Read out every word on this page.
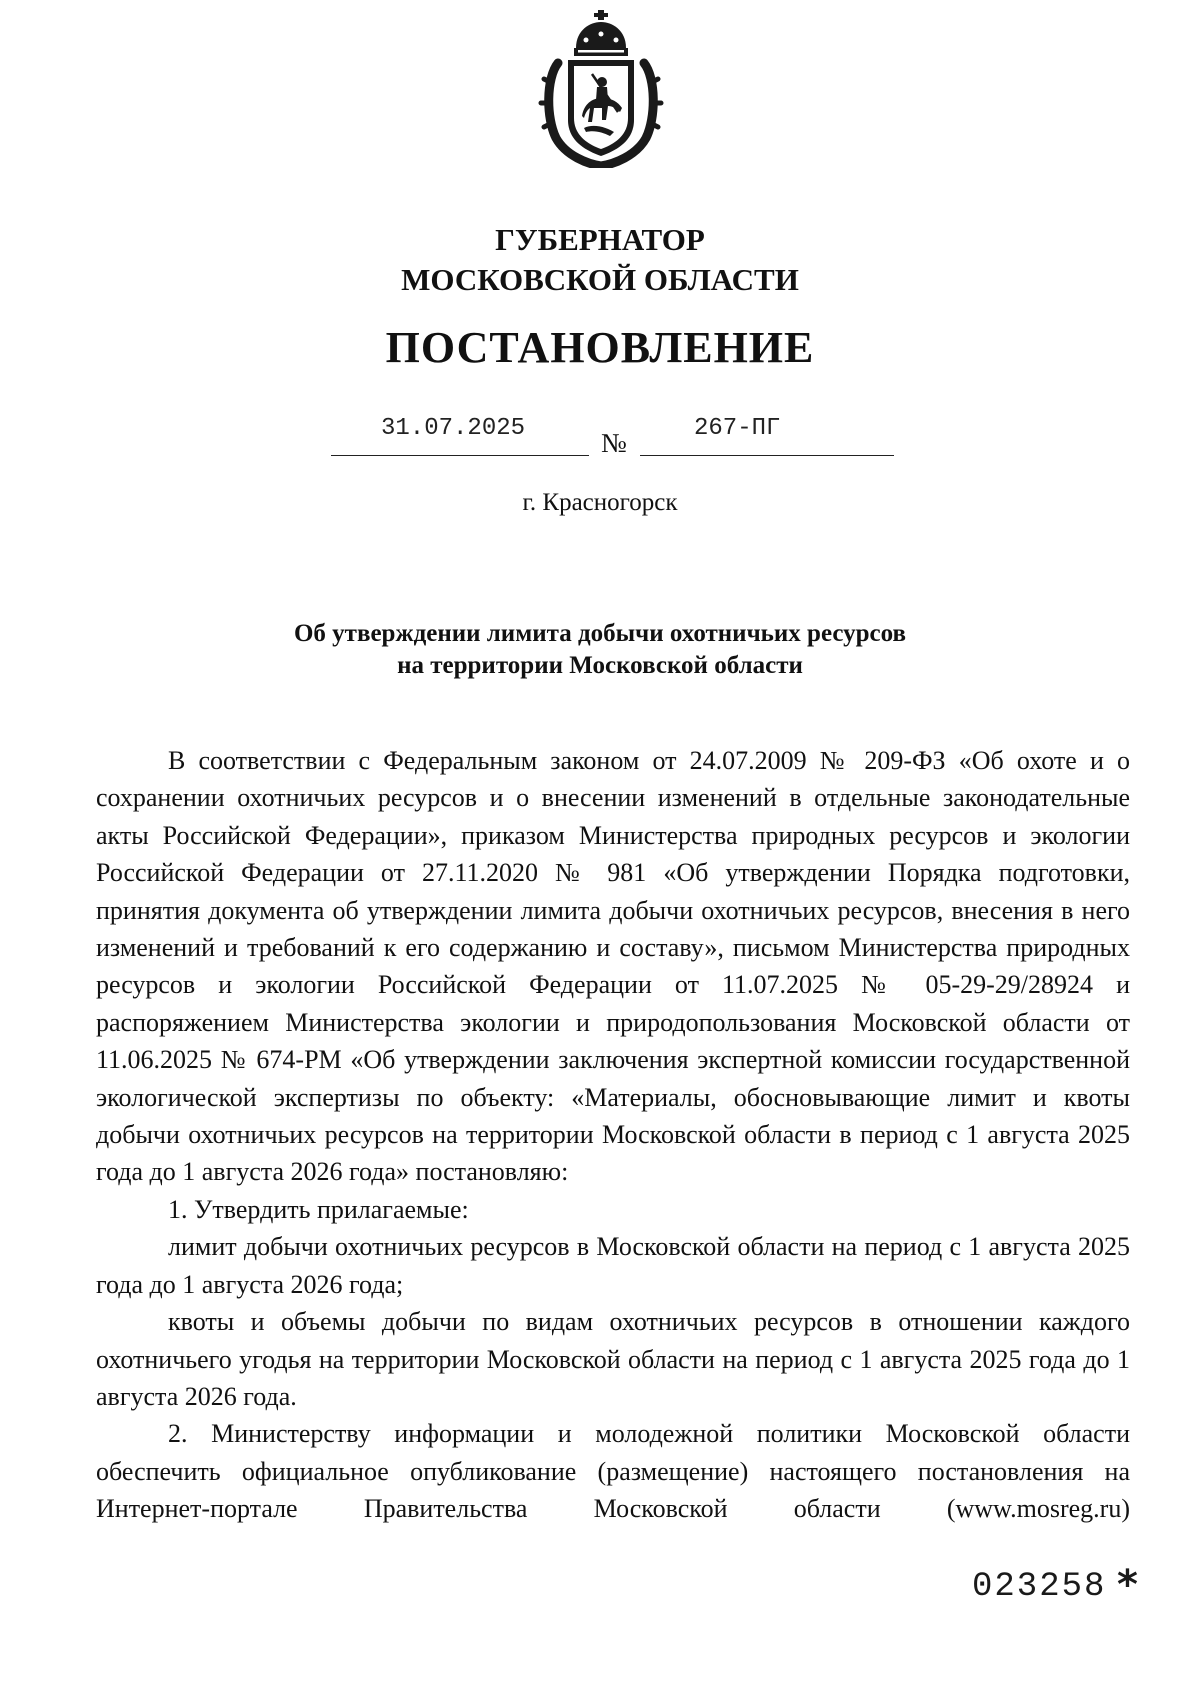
ГУБЕРНАТОР
МОСКОВСКОЙ ОБЛАСТИ
ПОСТАНОВЛЕНИЕ
31.07.2025	№	267-ПГ
г. Красногорск
Об утверждении лимита добычи охотничьих ресурсов
на территории Московской области

В соответствии с Федеральным законом от 24.07.2009 № 209-ФЗ «Об охоте и о сохранении охотничьих ресурсов и о внесении изменений в отдельные законодательные акты Российской Федерации», приказом Министерства природных ресурсов и экологии Российской Федерации от 27.11.2020 № 981 «Об утверждении Порядка подготовки, принятия документа об утверждении лимита добычи охотничьих ресурсов, внесения в него изменений и требований к его содержанию и составу», письмом Министерства природных ресурсов и экологии Российской Федерации от 11.07.2025 № 05-29-29/28924 и распоряжением Министерства экологии и природопользования Московской области от 11.06.2025 № 674-РМ «Об утверждении заключения экспертной комиссии государственной экологической экспертизы по объекту: «Материалы, обосновывающие лимит и квоты добычи охотничьих ресурсов на территории Московской области в период с 1 августа 2025 года до 1 августа 2026 года» постановляю:

1. Утвердить прилагаемые:

лимит добычи охотничьих ресурсов в Московской области на период с 1 августа 2025 года до 1 августа 2026 года;

квоты и объемы добычи по видам охотничьих ресурсов в отношении каждого охотничьего угодья на территории Московской области на период с 1 августа 2025 года до 1 августа 2026 года.

2. Министерству информации и молодежной политики Московской области обеспечить официальное опубликование (размещение) настоящего постановления на Интернет-портале Правительства Московской области (www.mosreg.ru)

023258 *
